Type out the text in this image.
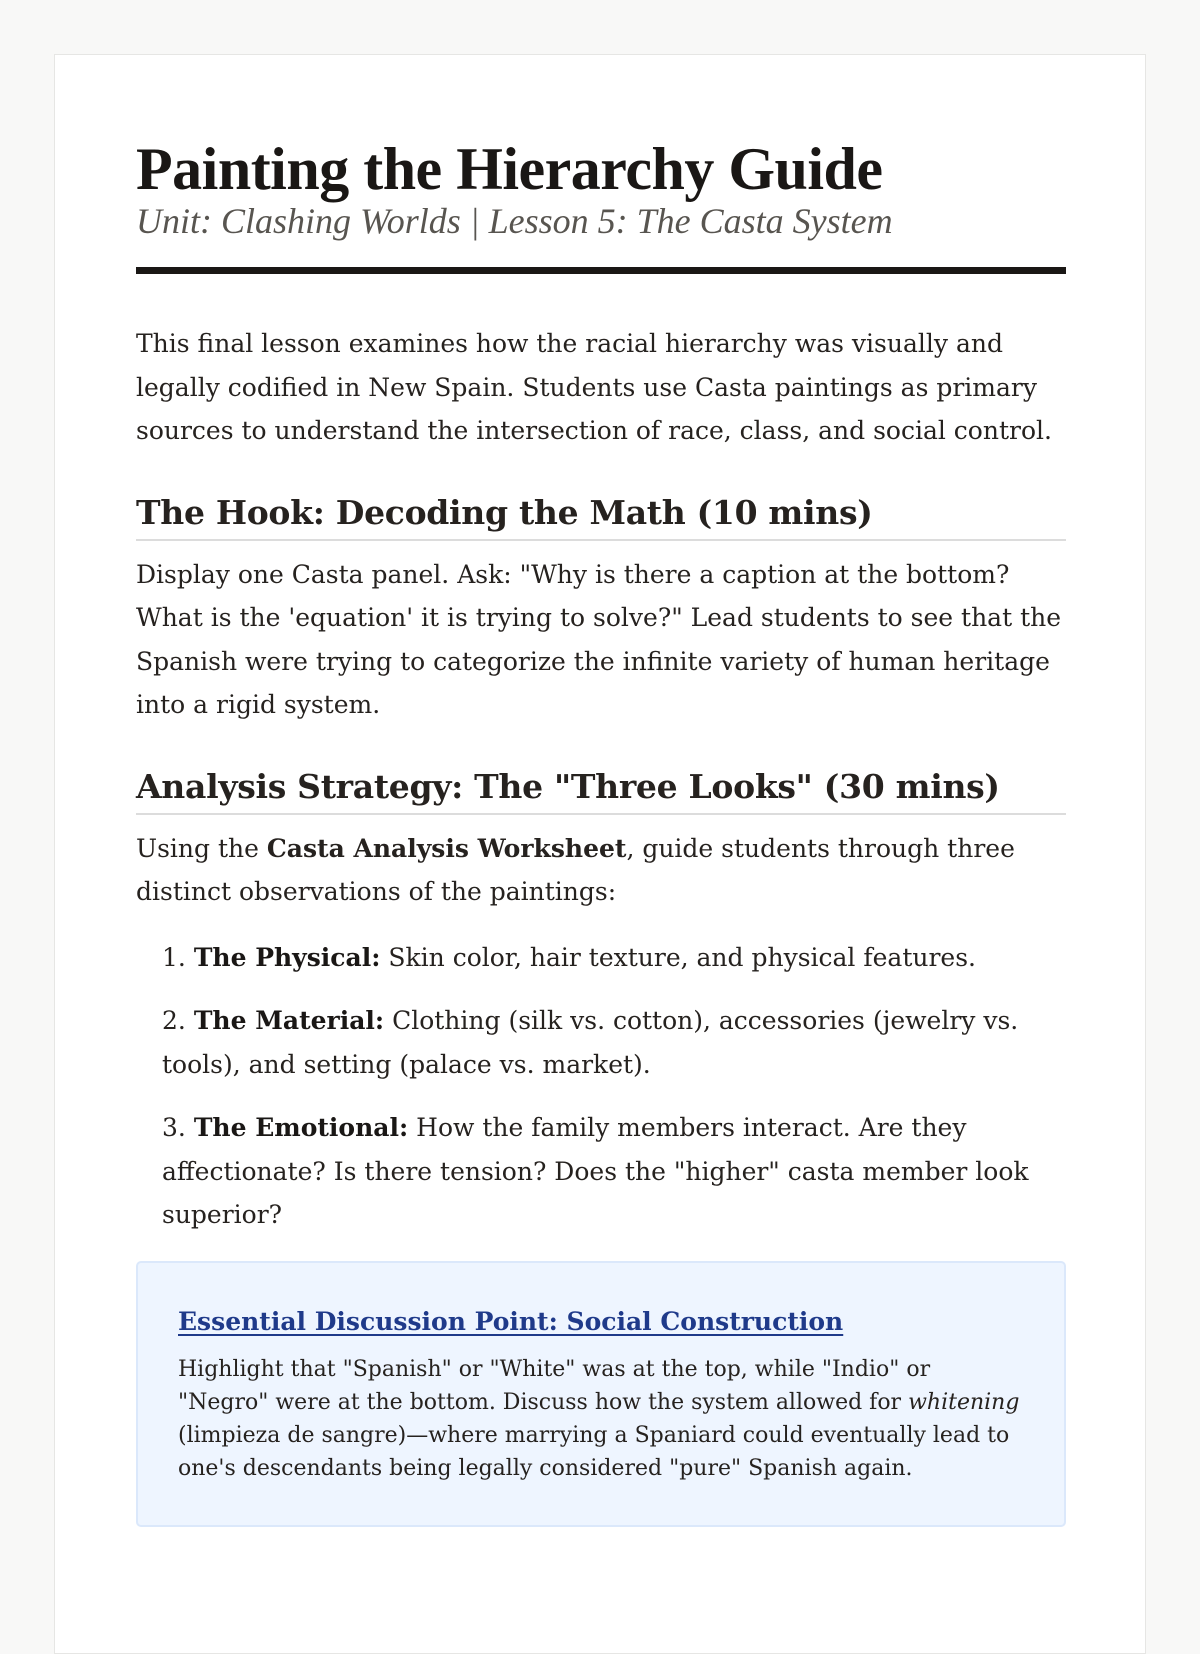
Painting the Hierarchy Guide
Unit: Clashing Worlds | Lesson 5: The Casta System

This final lesson examines how the racial hierarchy was visually and legally codified in New Spain. Students use Casta paintings as primary sources to understand the intersection of race, class, and social control.

The Hook: Decoding the Math (10 mins)

Display one Casta panel. Ask: "Why is there a caption at the bottom? What is the 'equation' it is trying to solve?" Lead students to see that the Spanish were trying to categorize the infinite variety of human heritage into a rigid system.

Analysis Strategy: The "Three Looks" (30 mins)

Using the Casta Analysis Worksheet, guide students through three distinct observations of the paintings:

1. The Physical: Skin color, hair texture, and physical features.
2. The Material: Clothing (silk vs. cotton), accessories (jewelry vs. tools), and setting (palace vs. market).
3. The Emotional: How the family members interact. Are they affectionate? Is there tension? Does the "higher" casta member look superior?
Essential Discussion Point: Social Construction

Highlight that "Spanish" or "White" was at the top, while "Indio" or "Negro" were at the bottom. Discuss how the system allowed for whitening (limpieza de sangre)—where marrying a Spaniard could eventually lead to one's descendants being legally considered "pure" Spanish again.
